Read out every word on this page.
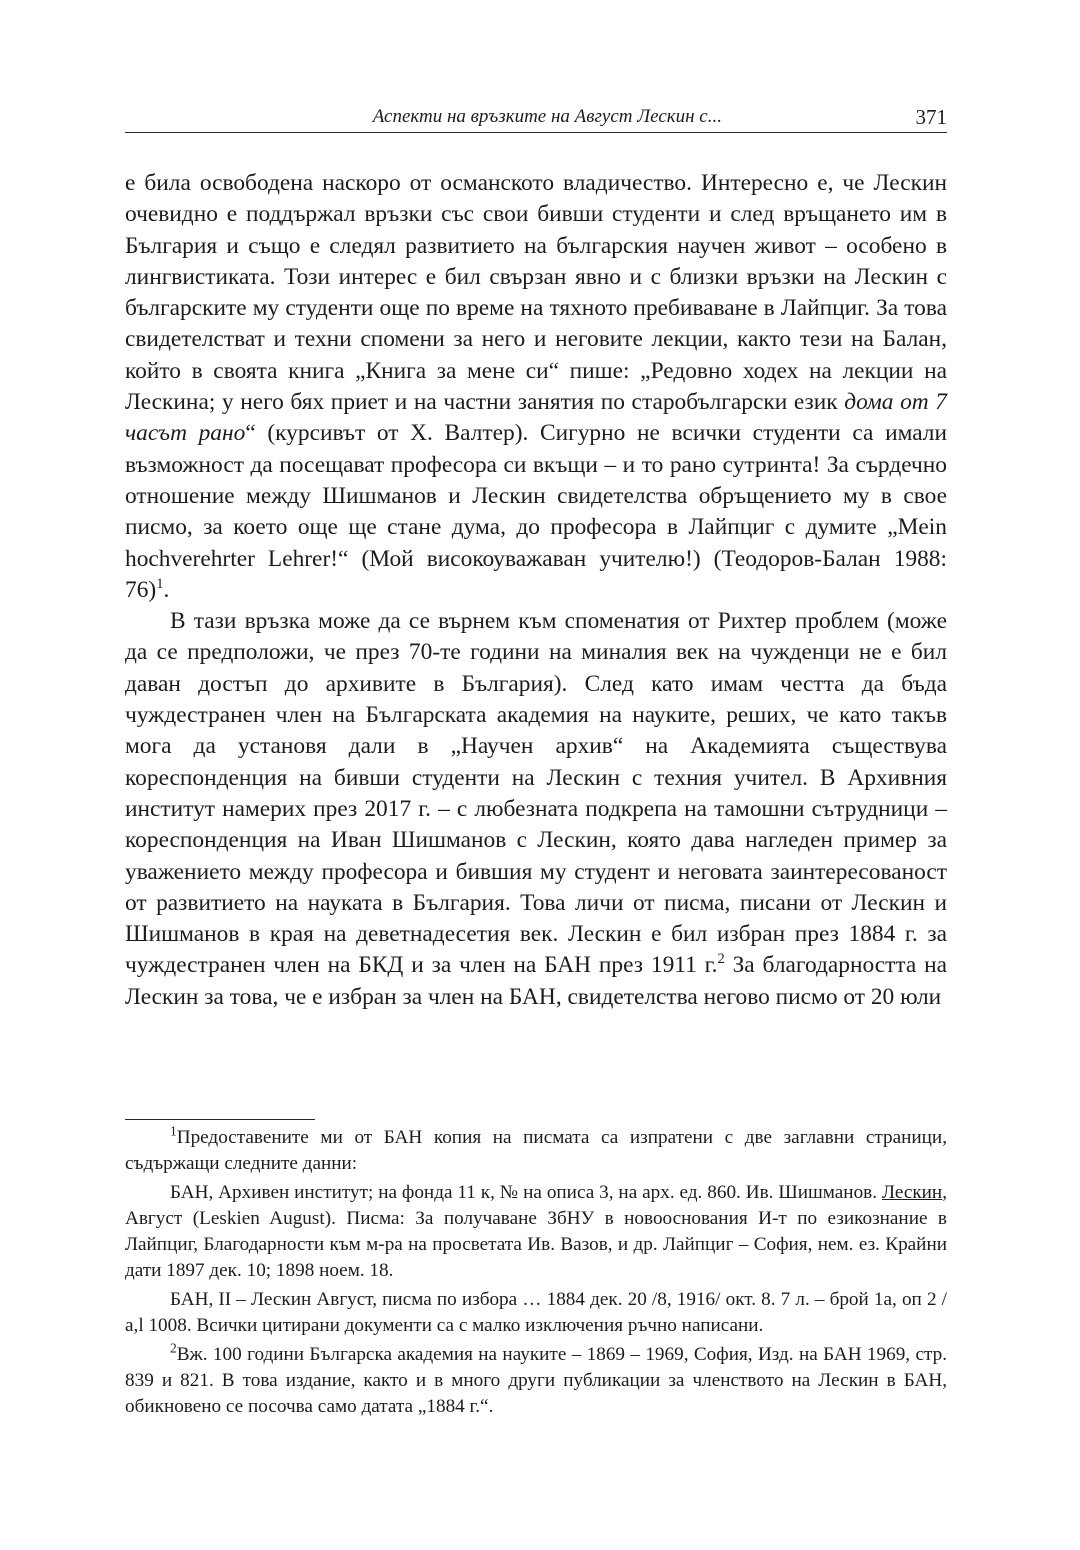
Аспекти на връзките на Август Лескин с...	371

е била освободена наскоро от османското владичество. Интересно е, че Лескин очевидно е поддържал връзки със свои бивши студенти и след връщането им в България и също е следял развитието на българския научен живот – особено в лингвистиката. Този интерес е бил свързан явно и с близки връзки на Лескин с българските му студенти още по време на тяхното пребиваване в Лайпциг. За това свидетелстват и техни спомени за него и неговите лекции, както тези на Балан, който в своята книга „Книга за мене си“ пише: „Редовно ходех на лекции на Лескина; у него бях приет и на частни занятия по старобългарски език дома от 7 часът рано“ (курсивът от Х. Валтер). Сигурно не всички студенти са имали възможност да посещават професора си вкъщи – и то рано сутринта! За сърдечно отношение между Шишманов и Лескин свидетелства обръщението му в свое писмо, за което още ще стане дума, до професора в Лайпциг с думите „Mein hochverehrter Lehrer!“ (Мой високоуважаван учителю!) (Теодоров-Балан 1988: 76)$^1$.

В тази връзка може да се върнем към споменатия от Рихтер проблем (може да се предположи, че през 70-те години на миналия век на чужденци не е бил даван достъп до архивите в България). След като имам честта да бъда чуждестранен член на Българската академия на науките, реших, че като такъв мога да установя дали в „Научен архив“ на Академията съществува кореспонденция на бивши студенти на Лескин с техния учител. В Архивния институт намерих през 2017 г. – с любезната подкрепа на тамошни сътрудници – кореспонденция на Иван Шишманов с Лескин, която дава нагледен пример за уважението между професора и бившия му студент и неговата заинтересованост от развитието на науката в България. Това личи от писма, писани от Лескин и Шишманов в края на деветнадесетия век. Лескин е бил избран през 1884 г. за чуждестранен член на БКД и за член на БАН през 1911 г.$^2$ За благодарността на Лескин за това, че е избран за член на БАН, свидетелства негово писмо от 20 юли

$^1$Предоставените ми от БАН копия на писмата са изпратени с две заглавни страници, съдържащи следните данни:

БАН, Архивен институт; на фонда 11 к, № на описа 3, на арх. ед. 860. Ив. Шишманов. Лескин, Август (Leskien August). Писма: За получаване ЗбНУ в новооснования И-т по езикознание в Лайпциг, Благодарности към м-ра на просветата Ив. Вазов, и др. Лайпциг – София, нем. ез. Крайни дати 1897 дек. 10; 1898 ноем. 18.

БАН, II – Лескин Август, писма по избора … 1884 дек. 20 /8, 1916/ окт. 8. 7 л. – брой 1а, оп 2 /а,l 1008. Всички цитирани документи са с малко изключения ръчно написани.

$^2$Вж. 100 години Българска академия на науките – 1869 – 1969, София, Изд. на БАН 1969, стр. 839 и 821. В това издание, както и в много други публикации за членството на Лескин в БАН, обикновено се посочва само датата „1884 г.“.
